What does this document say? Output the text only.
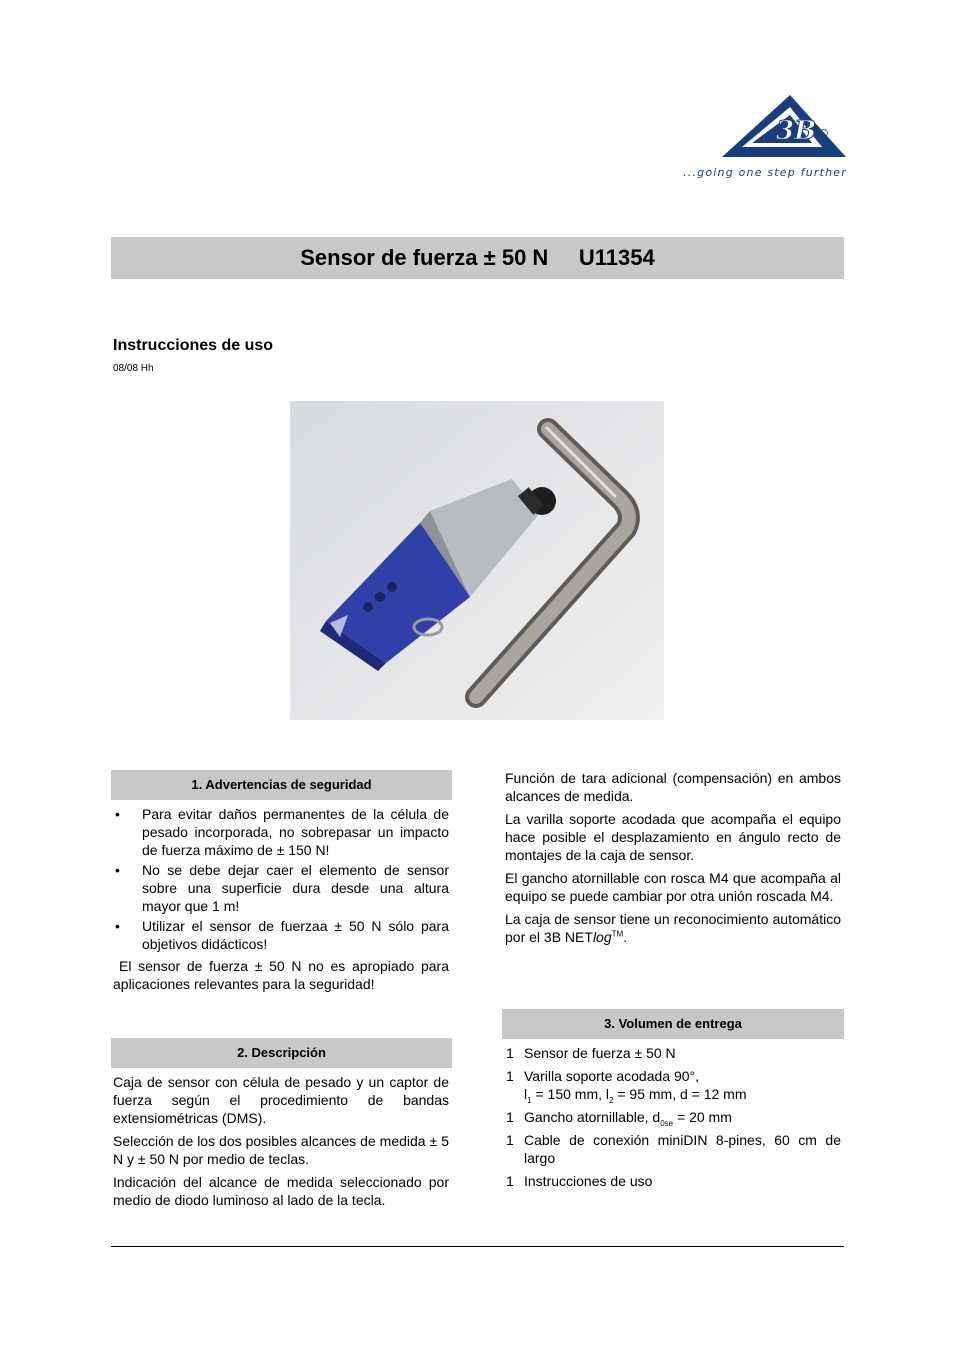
3B
...going one step further
Sensor de fuerza ± 50 N U11354
Instrucciones de uso
08/08 Hh
1. Advertencias de seguridad
• Para evitar daños permanentes de la célula de pesado incorporada, no sobrepasar un impacto de fuerza máximo de ± 150 N!
• No se debe dejar caer el elemento de sensor sobre una superficie dura desde una altura mayor que 1 m!
• Utilizar el sensor de fuerzaa ± 50 N sólo para objetivos didácticos!

El sensor de fuerza ± 50 N no es apropiado para aplicaciones relevantes para la seguridad!

2. Descripción

Caja de sensor con célula de pesado y un captor de fuerza según el procedimiento de bandas extensiométricas (DMS).

Selección de los dos posibles alcances de medida ± 5 N y ± 50 N por medio de teclas.

Indicación del alcance de medida seleccionado por medio de diodo luminoso al lado de la tecla.

Función de tara adicional (compensación) en ambos alcances de medida.

La varilla soporte acodada que acompaña el equipo hace posible el desplazamiento en ángulo recto de montajes de la caja de sensor.

El gancho atornillable con rosca M4 que acompaña al equipo se puede cambiar por otra unión roscada M4.

La caja de sensor tiene un reconocimiento automático por el 3B NETlog™.

3. Volumen de entrega
1 Sensor de fuerza ± 50 N
1 Varilla soporte acodada 90°,
$l_1 = 150$ mm, $l_2 = 95$ mm, d = 12 mm
1 Gancho atornillable, $d_{0se} = 20$ mm
1 Cable de conexión miniDIN 8-pines, 60 cm de largo
1 Instrucciones de uso
